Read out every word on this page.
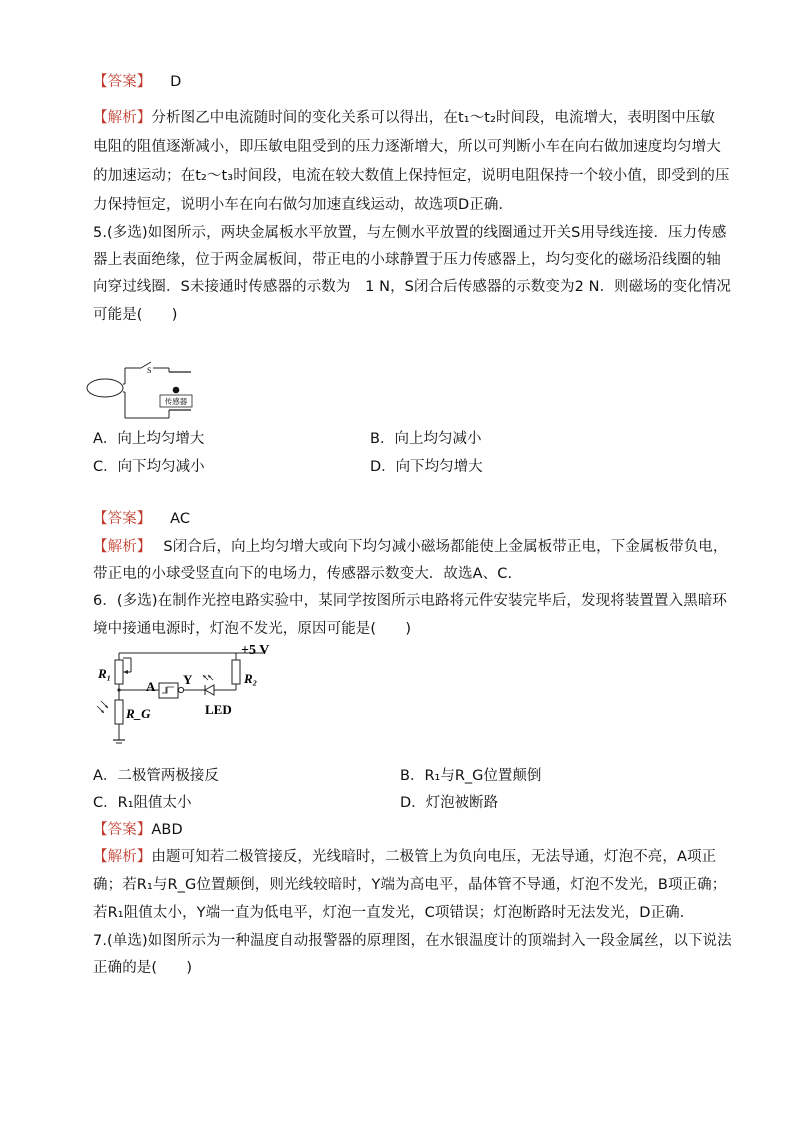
【答案】 D
【解析】分析图乙中电流随时间的变化关系可以得出，在t₁～t₂时间段，电流增大，表明图中压敏
电阻的阻值逐渐减小，即压敏电阻受到的压力逐渐增大，所以可判断小车在向右做加速度均匀增大
的加速运动；在t₂～t₃时间段，电流在较大数值上保持恒定，说明电阻保持一个较小值，即受到的压
力保持恒定，说明小车在向右做匀加速直线运动，故选项D正确．
5.(多选)如图所示，两块金属板水平放置，与左侧水平放置的线圈通过开关S用导线连接．压力传感
器上表面绝缘，位于两金属板间，带正电的小球静置于压力传感器上，均匀变化的磁场沿线圈的轴
向穿过线圈．S未接通时传感器的示数为　1 N，S闭合后传感器的示数变为2 N．则磁场的变化情况
可能是(　　)
S
传感器
A．向上均匀增大	B．向上均匀减小
C．向下均匀减小	D．向下均匀增大
【答案】 AC
【解析】 S闭合后，向上均匀增大或向下均匀减小磁场都能使上金属板带正电，下金属板带负电，
带正电的小球受竖直向下的电场力，传感器示数变大．故选A、C.
6．(多选)在制作光控电路实验中，某同学按图所示电路将元件安装完毕后，发现将装置置入黑暗环
境中接通电源时，灯泡不发光，原因可能是(　　)
+5 V
R₁	R₂
R_G
A Y
LED
A．二极管两极接反	B．R₁与R_G位置颠倒
C．R₁阻值太小	D．灯泡被断路
【答案】ABD
【解析】由题可知若二极管接反，光线暗时，二极管上为负向电压，无法导通，灯泡不亮，A项正
确；若R₁与R_G位置颠倒，则光线较暗时，Y端为高电平，晶体管不导通，灯泡不发光，B项正确；
若R₁阻值太小，Y端一直为低电平，灯泡一直发光，C项错误；灯泡断路时无法发光，D正确．
7.(单选)如图所示为一种温度自动报警器的原理图，在水银温度计的顶端封入一段金属丝，以下说法
正确的是(　　)
